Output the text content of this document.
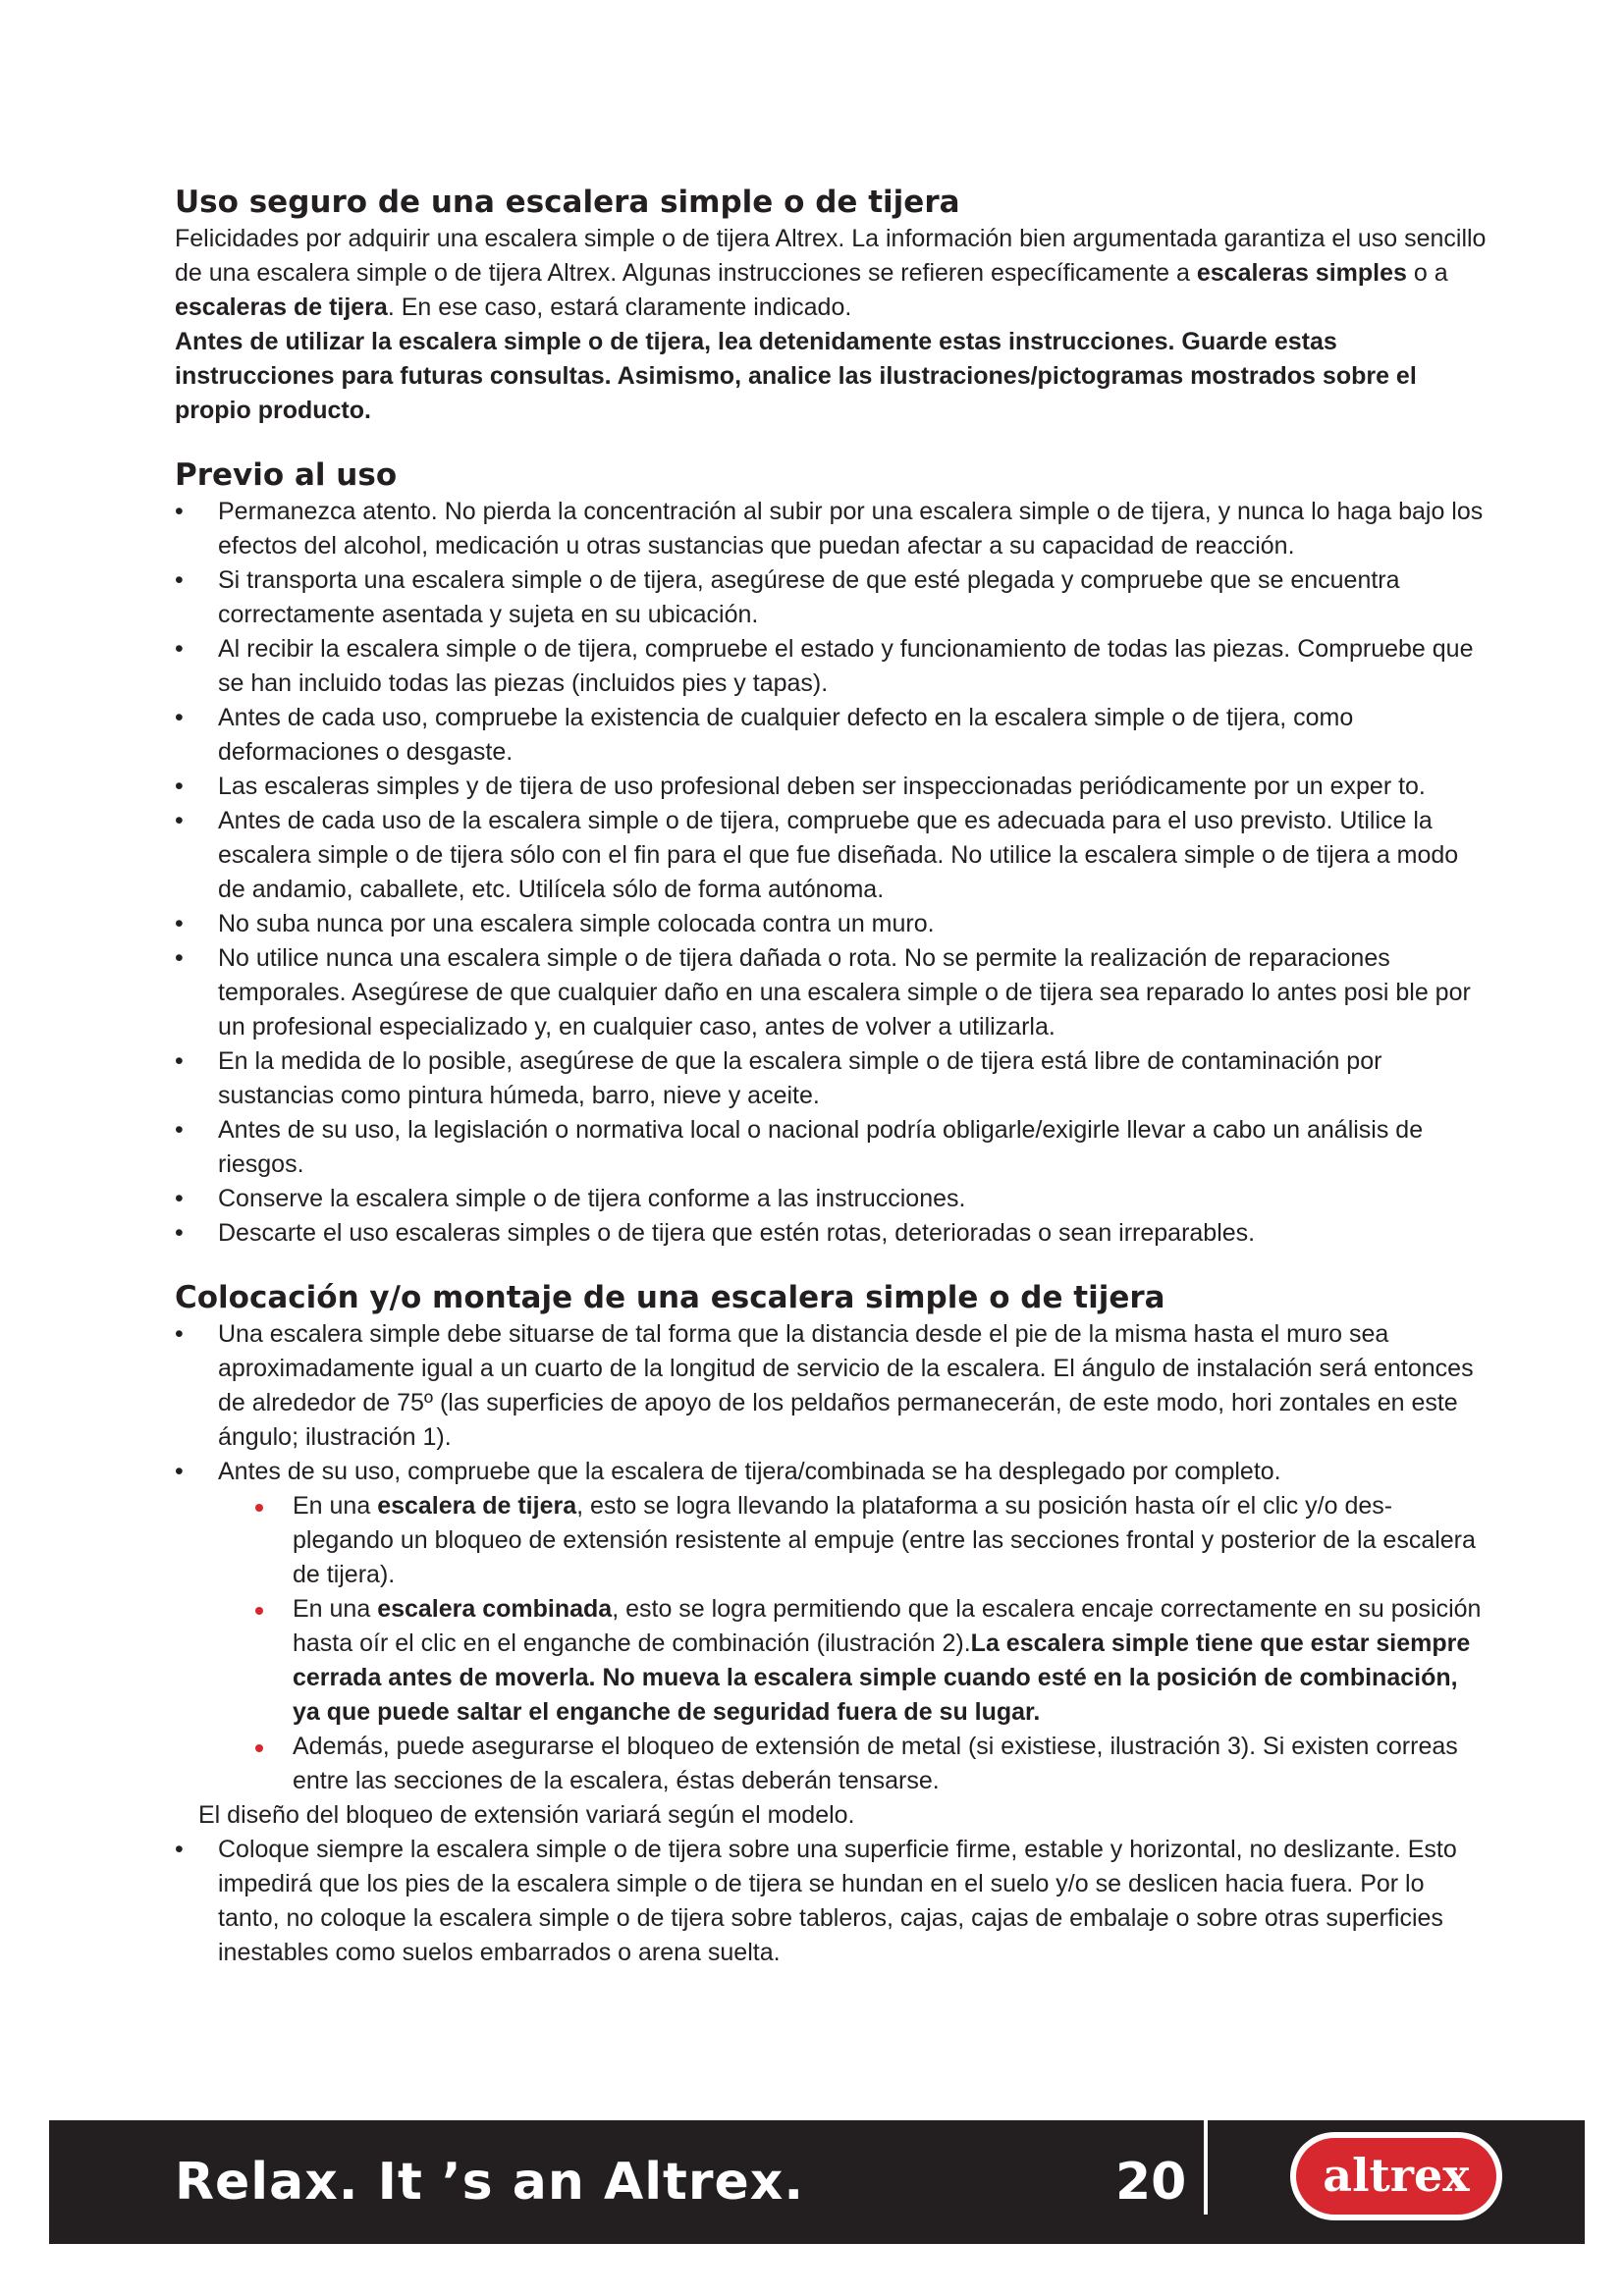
Uso seguro de una escalera simple o de tijera

Felicidades por adquirir una escalera simple o de tijera Altrex. La información bien argumentada garantiza el uso sencillo de una escalera simple o de tijera Altrex. Algunas instrucciones se refieren específicamente a escaleras simples o a escaleras de tijera. En ese caso, estará claramente indicado.

Antes de utilizar la escalera simple o de tijera, lea detenidamente estas instrucciones. Guarde estas instrucciones para futuras consultas. Asimismo, analice las ilustraciones/pictogramas mostrados sobre el propio producto.

Previo al uso
• Permanezca atento. No pierda la concentración al subir por una escalera simple o de tijera, y nunca lo haga bajo los efectos del alcohol, medicación u otras sustancias que puedan afectar a su capacidad de reacción.
• Si transporta una escalera simple o de tijera, asegúrese de que esté plegada y compruebe que se encuentra correctamente asentada y sujeta en su ubicación.
• Al recibir la escalera simple o de tijera, compruebe el estado y funcionamiento de todas las piezas. Compruebe que se han incluido todas las piezas (incluidos pies y tapas).
• Antes de cada uso, compruebe la existencia de cualquier defecto en la escalera simple o de tijera, como deformaciones o desgaste.
• Las escaleras simples y de tijera de uso profesional deben ser inspeccionadas periódicamente por un exper to.
• Antes de cada uso de la escalera simple o de tijera, compruebe que es adecuada para el uso previsto. Utilice la escalera simple o de tijera sólo con el fin para el que fue diseñada. No utilice la escalera simple o de tijera a modo de andamio, caballete, etc. Utilícela sólo de forma autónoma.
• No suba nunca por una escalera simple colocada contra un muro.
• No utilice nunca una escalera simple o de tijera dañada o rota. No se permite la realización de reparaciones temporales. Asegúrese de que cualquier daño en una escalera simple o de tijera sea reparado lo antes posi ble por un profesional especializado y, en cualquier caso, antes de volver a utilizarla.
• En la medida de lo posible, asegúrese de que la escalera simple o de tijera está libre de contaminación por sustancias como pintura húmeda, barro, nieve y aceite.
• Antes de su uso, la legislación o normativa local o nacional podría obligarle/exigirle llevar a cabo un análisis de riesgos.
• Conserve la escalera simple o de tijera conforme a las instrucciones.
• Descarte el uso escaleras simples o de tijera que estén rotas, deterioradas o sean irreparables.
Colocación y/o montaje de una escalera simple o de tijera
• Una escalera simple debe situarse de tal forma que la distancia desde el pie de la misma hasta el muro sea aproximadamente igual a un cuarto de la longitud de servicio de la escalera. El ángulo de instalación será entonces de alrededor de 75º (las superficies de apoyo de los peldaños permanecerán, de este modo, hori zontales en este ángulo; ilustración 1).
• Antes de su uso, compruebe que la escalera de tijera/combinada se ha desplegado por completo.
En una escalera de tijera, esto se logra llevando la plataforma a su posición hasta oír el clic y/o des- plegando un bloqueo de extensión resistente al empuje (entre las secciones frontal y posterior de la escalera de tijera).
En una escalera combinada, esto se logra permitiendo que la escalera encaje correctamente en su posición hasta oír el clic en el enganche de combinación (ilustración 2).La escalera simple tiene que estar siempre cerrada antes de moverla. No mueva la escalera simple cuando esté en la posición de combinación, ya que puede saltar el enganche de seguridad fuera de su lugar.
Además, puede asegurarse el bloqueo de extensión de metal (si existiese, ilustración 3). Si existen correas entre las secciones de la escalera, éstas deberán tensarse.

El diseño del bloqueo de extensión variará según el modelo.

• Coloque siempre la escalera simple o de tijera sobre una superficie firme, estable y horizontal, no deslizante. Esto impedirá que los pies de la escalera simple o de tijera se hundan en el suelo y/o se deslicen hacia fuera. Por lo tanto, no coloque la escalera simple o de tijera sobre tableros, cajas, cajas de embalaje o sobre otras superficies inestables como suelos embarrados o arena suelta.
Relax. It ’s an Altrex.	20	altrex
